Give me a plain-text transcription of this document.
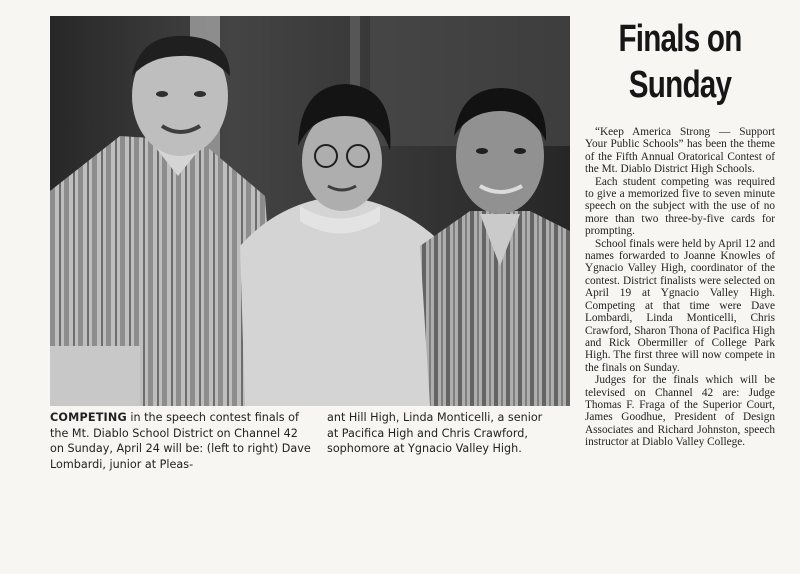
COMPETING in the speech contest finals of the Mt. Diablo School District on Channel 42 on Sunday, April 24 will be: (left to right) Dave Lombardi, junior at Pleas-
ant Hill High, Linda Monticelli, a senior at Pacifica High and Chris Crawford, sophomore at Ygnacio Valley High.
Finals on Sunday

“Keep America Strong — Support Your Public Schools” has been the theme of the Fifth Annual Oratorical Contest of the Mt. Diablo District High Schools.

Each student competing was required to give a memorized five to seven minute speech on the subject with the use of no more than two three-by-five cards for prompting.

School finals were held by April 12 and names forwarded to Joanne Knowles of Ygnacio Valley High, coordinator of the contest. District finalists were selected on April 19 at Ygnacio Valley High. Competing at that time were Dave Lombardi, Linda Monticelli, Chris Crawford, Sharon Thona of Pacifica High and Rick Obermiller of College Park High. The first three will now compete in the finals on Sunday.

Judges for the finals which will be televised on Channel 42 are: Judge Thomas F. Fraga of the Superior Court, James Goodhue, President of Design Associates and Richard Johnston, speech instructor at Diablo Valley College.
